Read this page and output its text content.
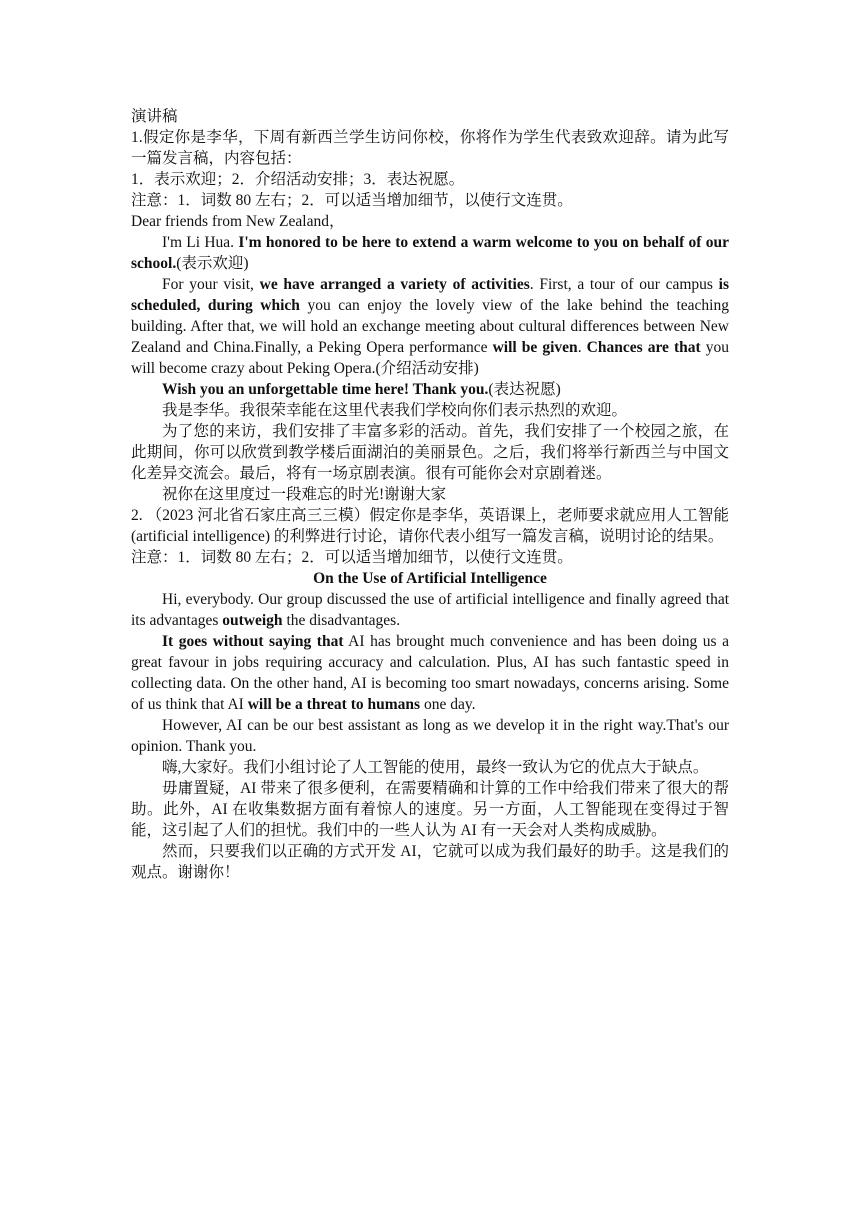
演讲稿

1.假定你是李华，下周有新西兰学生访问你校，你将作为学生代表致欢迎辞。请为此写一篇发言稿，内容包括：

1．表示欢迎；2．介绍活动安排；3．表达祝愿。

注意：1．词数 80 左右；2．可以适当增加细节，以使行文连贯。

Dear friends from New Zealand，

I'm Li Hua. I'm honored to be here to extend a warm welcome to you on behalf of our school.(表示欢迎)

For your visit, we have arranged a variety of activities. First, a tour of our campus is scheduled, during which you can enjoy the lovely view of the lake behind the teaching building. After that, we will hold an exchange meeting about cultural differences between New Zealand and China.Finally, a Peking Opera performance will be given. Chances are that you will become crazy about Peking Opera.(介绍活动安排)

Wish you an unforgettable time here! Thank you.(表达祝愿)

我是李华。我很荣幸能在这里代表我们学校向你们表示热烈的欢迎。

为了您的来访，我们安排了丰富多彩的活动。首先，我们安排了一个校园之旅，在此期间，你可以欣赏到教学楼后面湖泊的美丽景色。之后，我们将举行新西兰与中国文化差异交流会。最后，将有一场京剧表演。很有可能你会对京剧着迷。

祝你在这里度过一段难忘的时光!谢谢大家

2. （2023 河北省石家庄高三三模）假定你是李华，英语课上，老师要求就应用人工智能(artificial intelligence) 的利弊进行讨论，请你代表小组写一篇发言稿，说明讨论的结果。

注意：1．词数 80 左右；2．可以适当增加细节，以使行文连贯。

On the Use of Artificial Intelligence

Hi, everybody. Our group discussed the use of artificial intelligence and finally agreed that its advantages outweigh the disadvantages.

It goes without saying that AI has brought much convenience and has been doing us a great favour in jobs requiring accuracy and calculation. Plus, AI has such fantastic speed in collecting data. On the other hand, AI is becoming too smart nowadays, concerns arising. Some of us think that AI will be a threat to humans one day.

However, AI can be our best assistant as long as we develop it in the right way.That's our opinion. Thank you.

嗨,大家好。我们小组讨论了人工智能的使用，最终一致认为它的优点大于缺点。

毋庸置疑，AI 带来了很多便利，在需要精确和计算的工作中给我们带来了很大的帮助。此外，AI 在收集数据方面有着惊人的速度。另一方面，人工智能现在变得过于智能，这引起了人们的担忧。我们中的一些人认为 AI 有一天会对人类构成威胁。

然而，只要我们以正确的方式开发 AI，它就可以成为我们最好的助手。这是我们的观点。谢谢你！
